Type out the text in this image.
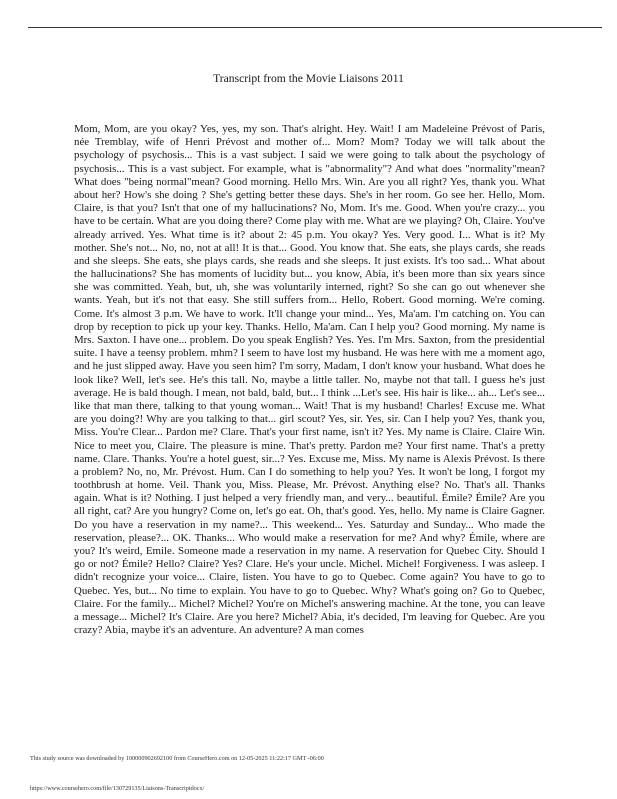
Transcript from the Movie Liaisons 2011

Mom, Mom, are you okay? Yes, yes, my son. That's alright. Hey. Wait! I am Madeleine Prévost of Paris, née Tremblay, wife of Henri Prévost and mother of... Mom? Mom? Today we will talk about the psychology of psychosis... This is a vast subject. I said we were going to talk about the psychology of psychosis... This is a vast subject. For example, what is "abnormality"? And what does "normality"mean? What does "being normal"mean? Good morning. Hello Mrs. Win. Are you all right? Yes, thank you. What about her? How's she doing ? She's getting better these days. She's in her room. Go see her. Hello, Mom. Claire, is that you? Isn't that one of my hallucinations? No, Mom. It's me. Good. When you're crazy... you have to be certain. What are you doing there? Come play with me. What are we playing? Oh, Claire. You've already arrived. Yes. What time is it? about 2: 45 p.m. You okay? Yes. Very good. I... What is it? My mother. She's not... No, no, not at all! It is that... Good. You know that. She eats, she plays cards, she reads and she sleeps. She eats, she plays cards, she reads and she sleeps. It just exists. It's too sad... What about the hallucinations? She has moments of lucidity but... you know, Abia, it's been more than six years since she was committed. Yeah, but, uh, she was voluntarily interned, right? So she can go out whenever she wants. Yeah, but it's not that easy. She still suffers from... Hello, Robert. Good morning. We're coming. Come. It's almost 3 p.m. We have to work. It'll change your mind... Yes, Ma'am. I'm catching on. You can drop by reception to pick up your key. Thanks. Hello, Ma'am. Can I help you? Good morning. My name is Mrs. Saxton. I have one... problem. Do you speak English? Yes. Yes. I'm Mrs. Saxton, from the presidential suite. I have a teensy problem. mhm? I seem to have lost my husband. He was here with me a moment ago, and he just slipped away. Have you seen him? I'm sorry, Madam, I don't know your husband. What does he look like? Well, let's see. He's this tall. No, maybe a little taller. No, maybe not that tall. I guess he's just average. He is bald though. I mean, not bald, bald, but... I think ...Let's see. His hair is like... ah... Let's see... like that man there, talking to that young woman... Wait! That is my husband! Charles! Excuse me. What are you doing?! Why are you talking to that... girl scout? Yes, sir. Yes, sir. Can I help you? Yes, thank you, Miss. You're Clear... Pardon me? Clare. That's your first name, isn't it? Yes. My name is Claire. Claire Win. Nice to meet you, Claire. The pleasure is mine. That's pretty. Pardon me? Your first name. That's a pretty name. Clare. Thanks. You're a hotel guest, sir...? Yes. Excuse me, Miss. My name is Alexis Prévost. Is there a problem? No, no, Mr. Prévost. Hum. Can I do something to help you? Yes. It won't be long, I forgot my toothbrush at home. Veil. Thank you, Miss. Please, Mr. Prévost. Anything else? No. That's all. Thanks again. What is it? Nothing. I just helped a very friendly man, and very... beautiful. Émile? Émile? Are you all right, cat? Are you hungry? Come on, let's go eat. Oh, that's good. Yes, hello. My name is Claire Gagner. Do you have a reservation in my name?... This weekend... Yes. Saturday and Sunday... Who made the reservation, please?... OK. Thanks... Who would make a reservation for me? And why? Émile, where are you? It's weird, Emile. Someone made a reservation in my name. A reservation for Quebec City. Should I go or not? Émile? Hello? Claire? Yes? Clare. He's your uncle. Michel. Michel! Forgiveness. I was asleep. I didn't recognize your voice... Claire, listen. You have to go to Quebec. Come again? You have to go to Quebec. Yes, but... No time to explain. You have to go to Quebec. Why? What's going on? Go to Quebec, Claire. For the family... Michel? Michel? You're on Michel's answering machine. At the tone, you can leave a message... Michel? It's Claire. Are you here? Michel? Abia, it's decided, I'm leaving for Quebec. Are you crazy? Abia, maybe it's an adventure. An adventure? A man comes

This study source was downloaded by 100000902692100 from CourseHero.com on 12-05-2025 11:22:17 GMT -06:00
https://www.coursehero.com/file/130729135/Liaisons-Transcriptdocx/
